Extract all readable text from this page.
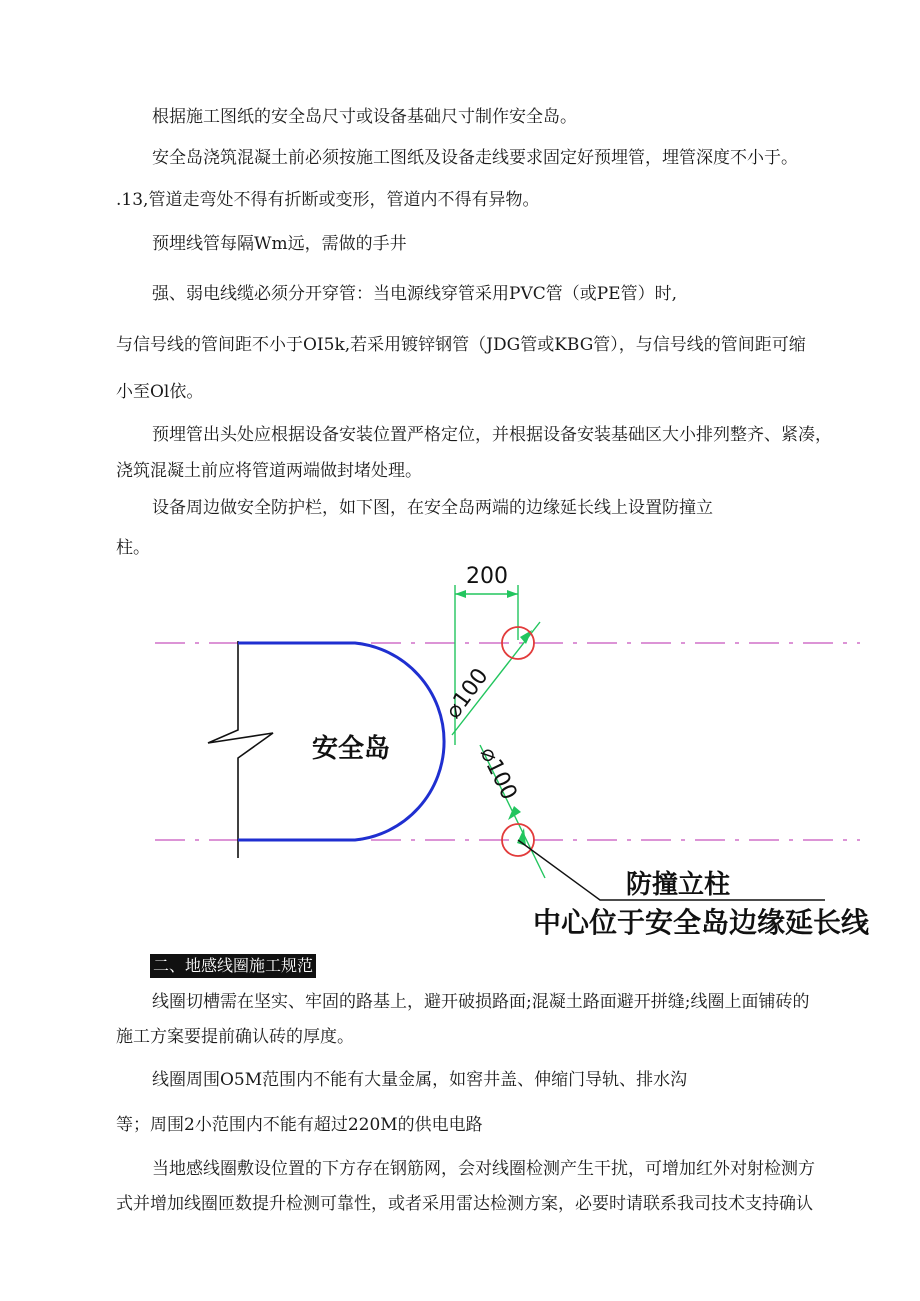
根据施工图纸的安全岛尺寸或设备基础尺寸制作安全岛。
安全岛浇筑混凝土前必须按施工图纸及设备走线要求固定好预埋管，埋管深度不小于。
.13,管道走弯处不得有折断或变形，管道内不得有异物。
预埋线管每隔Wm远，需做的手井
强、弱电线缆必须分开穿管：当电源线穿管采用PVC管（或PE管）时,
与信号线的管间距不小于OI5k,若采用镀锌钢管（JDG管或KBG管），与信号线的管间距可缩
小至Ol依。
预埋管出头处应根据设备安装位置严格定位，并根据设备安装基础区大小排列整齐、紧凑，
浇筑混凝土前应将管道两端做封堵处理。
设备周边做安全防护栏，如下图，在安全岛两端的边缘延长线上设置防撞立
柱。
200
⌀100
⌀100
安全岛
防撞立柱
中心位于安全岛边缘延长线
二、地感线圈施工规范
线圈切槽需在坚实、牢固的路基上，避开破损路面;混凝土路面避开拼缝;线圈上面铺砖的
施工方案要提前确认砖的厚度。
线圈周围O5M范围内不能有大量金属，如窖井盖、伸缩门导轨、排水沟
等；周围2小范围内不能有超过220M的供电电路
当地感线圈敷设位置的下方存在钢筋网，会对线圈检测产生干扰，可增加红外对射检测方
式并增加线圈匝数提升检测可靠性，或者采用雷达检测方案，必要时请联系我司技术支持确认
